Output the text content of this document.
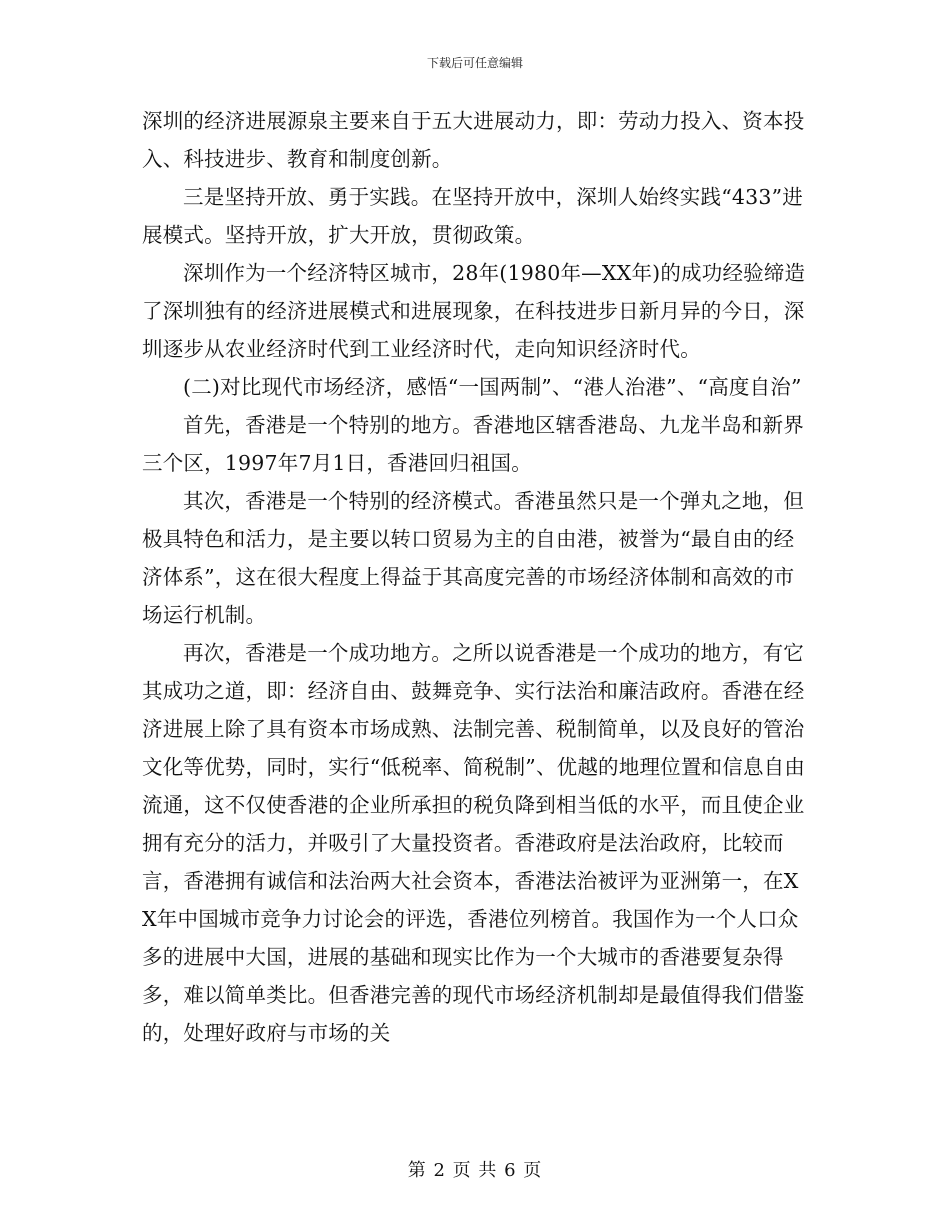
下载后可任意编辑

深圳的经济进展源泉主要来自于五大进展动力，即：劳动力投入、资本投入、科技进步、教育和制度创新。

三是坚持开放、勇于实践。在坚持开放中，深圳人始终实践“433”进展模式。坚持开放，扩大开放，贯彻政策。

深圳作为一个经济特区城市，28年(1980年—XX年)的成功经验缔造了深圳独有的经济进展模式和进展现象，在科技进步日新月异的今日，深圳逐步从农业经济时代到工业经济时代，走向知识经济时代。

(二)对比现代市场经济，感悟“一国两制”、“港人治港”、“高度自治”

首先，香港是一个特别的地方。香港地区辖香港岛、九龙半岛和新界三个区，1997年7月1日，香港回归祖国。

其次，香港是一个特别的经济模式。香港虽然只是一个弹丸之地，但极具特色和活力，是主要以转口贸易为主的自由港，被誉为“最自由的经济体系”，这在很大程度上得益于其高度完善的市场经济体制和高效的市场运行机制。

再次，香港是一个成功地方。之所以说香港是一个成功的地方，有它其成功之道，即：经济自由、鼓舞竞争、实行法治和廉洁政府。香港在经济进展上除了具有资本市场成熟、法制完善、税制简单，以及良好的管治文化等优势，同时，实行“低税率、简税制”、优越的地理位置和信息自由流通，这不仅使香港的企业所承担的税负降到相当低的水平，而且使企业拥有充分的活力，并吸引了大量投资者。香港政府是法治政府，比较而言，香港拥有诚信和法治两大社会资本，香港法治被评为亚洲第一，在XX年中国城市竞争力讨论会的评选，香港位列榜首。我国作为一个人口众多的进展中大国，进展的基础和现实比作为一个大城市的香港要复杂得多，难以简单类比。但香港完善的现代市场经济机制却是最值得我们借鉴的，处理好政府与市场的关

第 2 页 共 6 页
